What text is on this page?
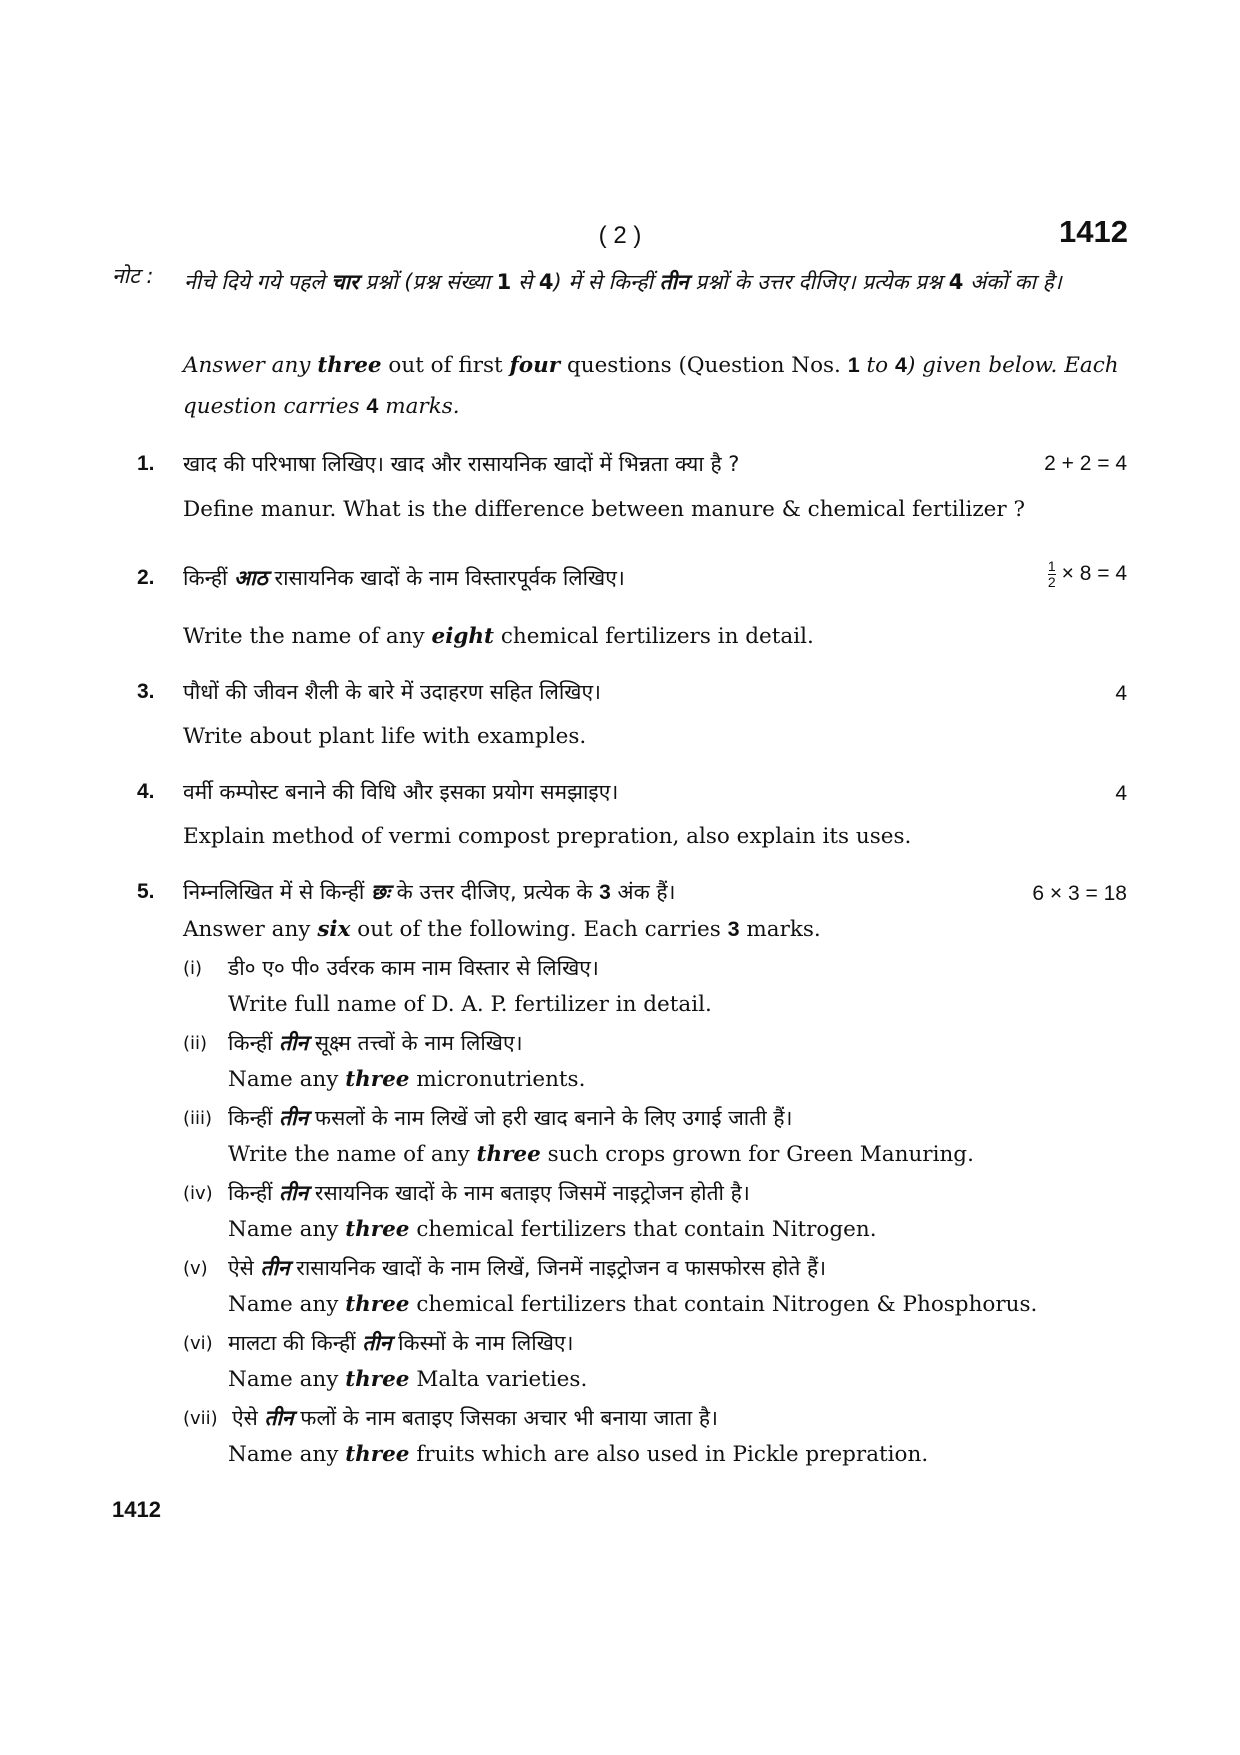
( 2 )	1412
नोट : नीचे दिये गये पहले चार प्रश्नों (प्रश्न संख्या 1 से 4) में से किन्हीं तीन प्रश्नों के उत्तर दीजिए। प्रत्येक प्रश्न 4 अंकों का है।
Answer any three out of first four questions (Question Nos. 1 to 4) given below. Each question carries 4 marks.
1. खाद की परिभाषा लिखिए। खाद और रासायनिक खादों में भिन्नता क्या है ?	2 + 2 = 4
Define manur. What is the difference between manure & chemical fertilizer ?
2. किन्हीं आठ रासायनिक खादों के नाम विस्तारपूर्वक लिखिए।	$\frac{1}{2} \times 8 = 4$
Write the name of any eight chemical fertilizers in detail.
3. पौधों की जीवन शैली के बारे में उदाहरण सहित लिखिए।	4
Write about plant life with examples.
4. वर्मी कम्पोस्ट बनाने की विधि और इसका प्रयोग समझाइए।	4
Explain method of vermi compost prepration, also explain its uses.
5. निम्नलिखित में से किन्हीं छः के उत्तर दीजिए, प्रत्येक के 3 अंक हैं।	6 × 3 = 18
Answer any six out of the following. Each carries 3 marks.
(i) डी० ए० पी० उर्वरक काम नाम विस्तार से लिखिए।
Write full name of D. A. P. fertilizer in detail.
(ii) किन्हीं तीन सूक्ष्म तत्त्वों के नाम लिखिए।
Name any three micronutrients.
(iii) किन्हीं तीन फसलों के नाम लिखें जो हरी खाद बनाने के लिए उगाई जाती हैं।
Write the name of any three such crops grown for Green Manuring.
(iv) किन्हीं तीन रसायनिक खादों के नाम बताइए जिसमें नाइट्रोजन होती है।
Name any three chemical fertilizers that contain Nitrogen.
(v) ऐसे तीन रासायनिक खादों के नाम लिखें, जिनमें नाइट्रोजन व फासफोरस होते हैं।
Name any three chemical fertilizers that contain Nitrogen & Phosphorus.
(vi) मालटा की किन्हीं तीन किस्मों के नाम लिखिए।
Name any three Malta varieties.
(vii) ऐसे तीन फलों के नाम बताइए जिसका अचार भी बनाया जाता है।
Name any three fruits which are also used in Pickle prepration.
1412
